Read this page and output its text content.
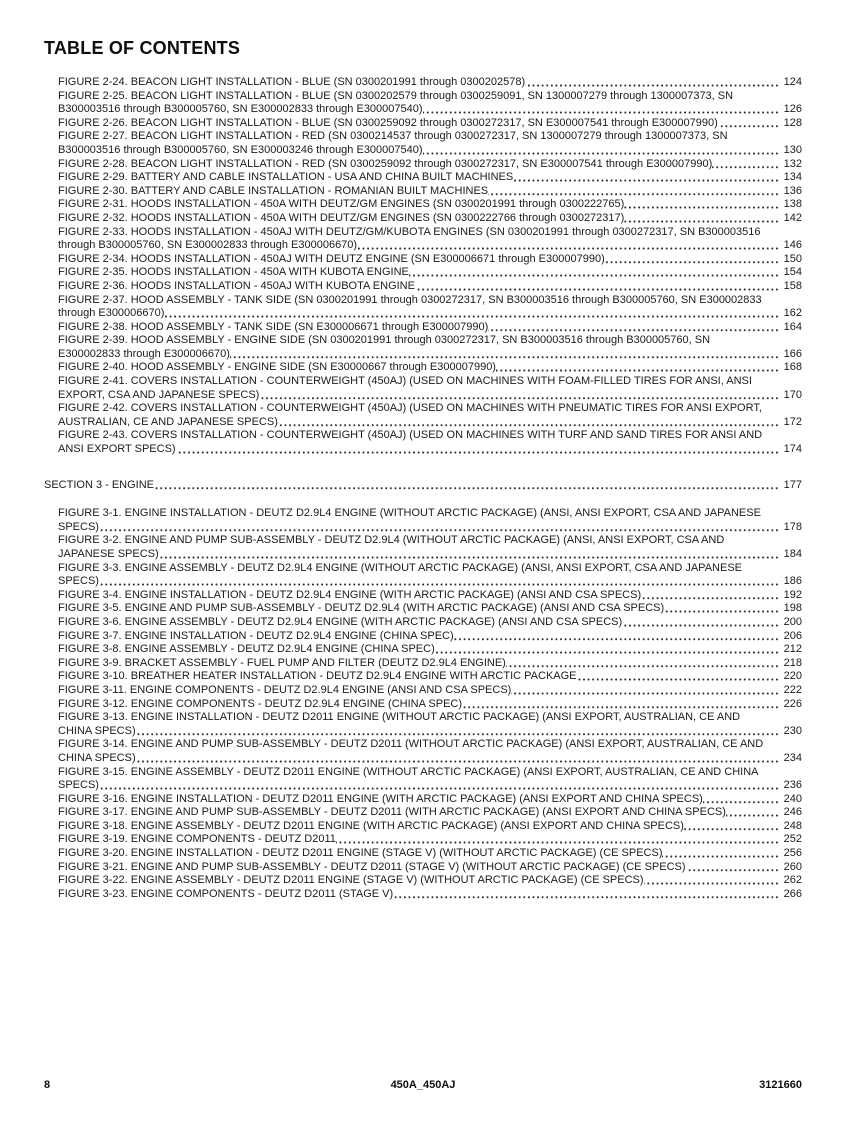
TABLE OF CONTENTS

FIGURE 2-24. BEACON LIGHT INSTALLATION - BLUE (SN 0300201991 through 0300202578)	124

FIGURE 2-25. BEACON LIGHT INSTALLATION - BLUE (SN 0300202579 through 0300259091, SN 1300007279 through 1300007373, SN B300003516 through B300005760, SN E300002833 through E300007540)	126

FIGURE 2-26. BEACON LIGHT INSTALLATION - BLUE (SN 0300259092 through 0300272317, SN E300007541 through E300007990)	128

FIGURE 2-27. BEACON LIGHT INSTALLATION - RED (SN 0300214537 through 0300272317, SN 1300007279 through 1300007373, SN B300003516 through B300005760, SN E300003246 through E300007540)	130

FIGURE 2-28. BEACON LIGHT INSTALLATION - RED (SN 0300259092 through 0300272317, SN E300007541 through E300007990)	132

FIGURE 2-29. BATTERY AND CABLE INSTALLATION - USA AND CHINA BUILT MACHINES	134

FIGURE 2-30. BATTERY AND CABLE INSTALLATION - ROMANIAN BUILT MACHINES	136

FIGURE 2-31. HOODS INSTALLATION - 450A WITH DEUTZ/GM ENGINES (SN 0300201991 through 0300222765)	138

FIGURE 2-32. HOODS INSTALLATION - 450A WITH DEUTZ/GM ENGINES (SN 0300222766 through 0300272317)	142

FIGURE 2-33. HOODS INSTALLATION - 450AJ WITH DEUTZ/GM/KUBOTA ENGINES (SN 0300201991 through 0300272317, SN B300003516 through B300005760, SN E300002833 through E300006670)	146

FIGURE 2-34. HOODS INSTALLATION - 450AJ WITH DEUTZ ENGINE (SN E300006671 through E300007990)	150

FIGURE 2-35. HOODS INSTALLATION - 450A WITH KUBOTA ENGINE	154

FIGURE 2-36. HOODS INSTALLATION - 450AJ WITH KUBOTA ENGINE	158

FIGURE 2-37. HOOD ASSEMBLY - TANK SIDE (SN 0300201991 through 0300272317, SN B300003516 through B300005760, SN E300002833 through E300006670)	162

FIGURE 2-38. HOOD ASSEMBLY - TANK SIDE (SN E300006671 through E300007990)	164

FIGURE 2-39. HOOD ASSEMBLY - ENGINE SIDE (SN 0300201991 through 0300272317, SN B300003516 through B300005760, SN E300002833 through E300006670)	166

FIGURE 2-40. HOOD ASSEMBLY - ENGINE SIDE (SN E30000667 through E300007990)	168

FIGURE 2-41. COVERS INSTALLATION - COUNTERWEIGHT (450AJ) (USED ON MACHINES WITH FOAM-FILLED TIRES FOR ANSI, ANSI EXPORT, CSA AND JAPANESE SPECS)	170

FIGURE 2-42. COVERS INSTALLATION - COUNTERWEIGHT (450AJ) (USED ON MACHINES WITH PNEUMATIC TIRES FOR ANSI EXPORT, AUSTRALIAN, CE AND JAPANESE SPECS)	172

FIGURE 2-43. COVERS INSTALLATION - COUNTERWEIGHT (450AJ) (USED ON MACHINES WITH TURF AND SAND TIRES FOR ANSI AND ANSI EXPORT SPECS)	174

SECTION 3 - ENGINE	177

FIGURE 3-1. ENGINE INSTALLATION - DEUTZ D2.9L4 ENGINE (WITHOUT ARCTIC PACKAGE) (ANSI, ANSI EXPORT, CSA AND JAPANESE SPECS)	178

FIGURE 3-2. ENGINE AND PUMP SUB-ASSEMBLY - DEUTZ D2.9L4 (WITHOUT ARCTIC PACKAGE) (ANSI, ANSI EXPORT, CSA AND JAPANESE SPECS)	184

FIGURE 3-3. ENGINE ASSEMBLY - DEUTZ D2.9L4 ENGINE (WITHOUT ARCTIC PACKAGE) (ANSI, ANSI EXPORT, CSA AND JAPANESE SPECS)	186

FIGURE 3-4. ENGINE INSTALLATION - DEUTZ D2.9L4 ENGINE (WITH ARCTIC PACKAGE) (ANSI AND CSA SPECS)	192

FIGURE 3-5. ENGINE AND PUMP SUB-ASSEMBLY - DEUTZ D2.9L4 (WITH ARCTIC PACKAGE) (ANSI AND CSA SPECS)	198

FIGURE 3-6. ENGINE ASSEMBLY - DEUTZ D2.9L4 ENGINE (WITH ARCTIC PACKAGE) (ANSI AND CSA SPECS)	200

FIGURE 3-7. ENGINE INSTALLATION - DEUTZ D2.9L4 ENGINE (CHINA SPEC)	206

FIGURE 3-8. ENGINE ASSEMBLY - DEUTZ D2.9L4 ENGINE (CHINA SPEC)	212

FIGURE 3-9. BRACKET ASSEMBLY - FUEL PUMP AND FILTER (DEUTZ D2.9L4 ENGINE)	218

FIGURE 3-10. BREATHER HEATER INSTALLATION - DEUTZ D2.9L4 ENGINE WITH ARCTIC PACKAGE	220

FIGURE 3-11. ENGINE COMPONENTS - DEUTZ D2.9L4 ENGINE (ANSI AND CSA SPECS)	222

FIGURE 3-12. ENGINE COMPONENTS - DEUTZ D2.9L4 ENGINE (CHINA SPEC)	226

FIGURE 3-13. ENGINE INSTALLATION - DEUTZ D2011 ENGINE (WITHOUT ARCTIC PACKAGE) (ANSI EXPORT, AUSTRALIAN, CE AND CHINA SPECS)	230

FIGURE 3-14. ENGINE AND PUMP SUB-ASSEMBLY - DEUTZ D2011 (WITHOUT ARCTIC PACKAGE) (ANSI EXPORT, AUSTRALIAN, CE AND CHINA SPECS)	234

FIGURE 3-15. ENGINE ASSEMBLY - DEUTZ D2011 ENGINE (WITHOUT ARCTIC PACKAGE) (ANSI EXPORT, AUSTRALIAN, CE AND CHINA SPECS)	236

FIGURE 3-16. ENGINE INSTALLATION - DEUTZ D2011 ENGINE (WITH ARCTIC PACKAGE) (ANSI EXPORT AND CHINA SPECS)	240

FIGURE 3-17. ENGINE AND PUMP SUB-ASSEMBLY - DEUTZ D2011 (WITH ARCTIC PACKAGE) (ANSI EXPORT AND CHINA SPECS)	246

FIGURE 3-18. ENGINE ASSEMBLY - DEUTZ D2011 ENGINE (WITH ARCTIC PACKAGE) (ANSI EXPORT AND CHINA SPECS)	248

FIGURE 3-19. ENGINE COMPONENTS - DEUTZ D2011	252

FIGURE 3-20. ENGINE INSTALLATION - DEUTZ D2011 ENGINE (STAGE V) (WITHOUT ARCTIC PACKAGE) (CE SPECS)	256

FIGURE 3-21. ENGINE AND PUMP SUB-ASSEMBLY - DEUTZ D2011 (STAGE V) (WITHOUT ARCTIC PACKAGE) (CE SPECS)	260

FIGURE 3-22. ENGINE ASSEMBLY - DEUTZ D2011 ENGINE (STAGE V) (WITHOUT ARCTIC PACKAGE) (CE SPECS)	262

FIGURE 3-23. ENGINE COMPONENTS - DEUTZ D2011 (STAGE V)	266

8	450A_450AJ	3121660
